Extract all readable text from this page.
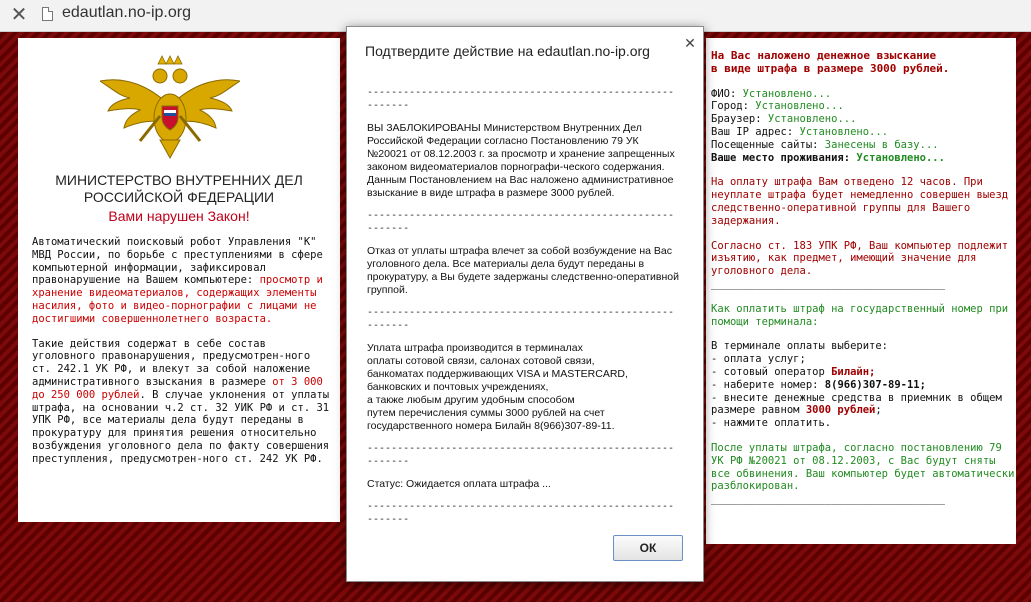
✕ edautlan.no-ip.org
МИНИСТЕРСТВО ВНУТРЕННИХ ДЕЛ РОССИЙСКОЙ ФЕДЕРАЦИИ
Вами нарушен Закон!

Автоматический поисковый робот Управления "К" МВД России, по борьбе с преступлениями в сфере компьютерной информации, зафиксировал правонарушение на Вашем компьютере: просмотр и хранение видеоматериалов, содержащих элементы насилия, фото и видео-порнографии с лицами не достигшими совершеннолетнего возраста.

Такие действия содержат в себе состав уголовного правонарушения, предусмотрен-ного ст. 242.1 УК РФ, и влекут за собой наложение административного взыскания в размере от 3 000 до 250 000 рублей. В случае уклонения от уплаты штрафа, на основании ч.2 ст. 32 УИК РФ и ст. 31 УПК РФ, все материалы дела будут переданы в прокуратуру для принятия решения относительно возбуждения уголовного дела по факту совершения преступления, предусмотрен-ного ст. 242 УК РФ.

На Вас наложено денежное взыскание
в виде штрафа в размере 3000 рублей.
ФИО: Установлено...
Город: Установлено...
Браузер: Установлено...
Ваш IP адрес: Установлено...
Посещенные сайты: Занесены в базу...
Ваше место проживания: Установлено...
На оплату штрафа Вам отведено 12 часов. При неуплате штрафа будет немедленно совершен выезд следственно-оперативной группы для Вашего задержания.
Согласно ст. 183 УПК РФ, Ваш компьютер подлежит изъятию, как предмет, имеющий значение для уголовного дела.
_____________________________________
Как оплатить штраф на государственный номер при помощи терминала:
В терминале оплаты выберите:
- оплата услуг;
- сотовый оператор Билайн;
- наберите номер: 8(966)307-89-11;
- внесите денежные средства в приемник в общем размере равном 3000 рублей;
- нажмите оплатить.
После уплаты штрафа, согласно постановлению 79 УК РФ №20021 от 08.12.2003, с Вас будут сняты все обвинения. Ваш компьютер будет автоматически разблокирован.
_____________________________________
Подтвердите действие на edautlan.no-ip.org ✕
----------------------------------------------------------
ВЫ ЗАБЛОКИРОВАНЫ Министерством Внутренних Дел Российской Федерации согласно Постановлению 79 УК №20021 от 08.12.2003 г. за просмотр и хранение запрещенных законом видеоматериалов порнографи-ческого содержания. Данным Постановлением на Вас наложено административное взыскание в виде штрафа в размере 3000 рублей.
----------------------------------------------------------
Отказ от уплаты штрафа влечет за собой возбуждение на Вас уголовного дела. Все материалы дела будут переданы в прокуратуру, а Вы будете задержаны следственно-оперативной группой.
----------------------------------------------------------
Уплата штрафа производится в терминалах
оплаты сотовой связи, салонах сотовой связи,
банкоматах поддерживающих VISA и MASTERCARD,
банковских и почтовых учреждениях,
а также любым другим удобным способом
путем перечисления суммы 3000 рублей на счет
государственного номера Билайн 8(966)307-89-11.
----------------------------------------------------------
Статус: Ожидается оплата штрафа ...
----------------------------------------------------------
ОК
